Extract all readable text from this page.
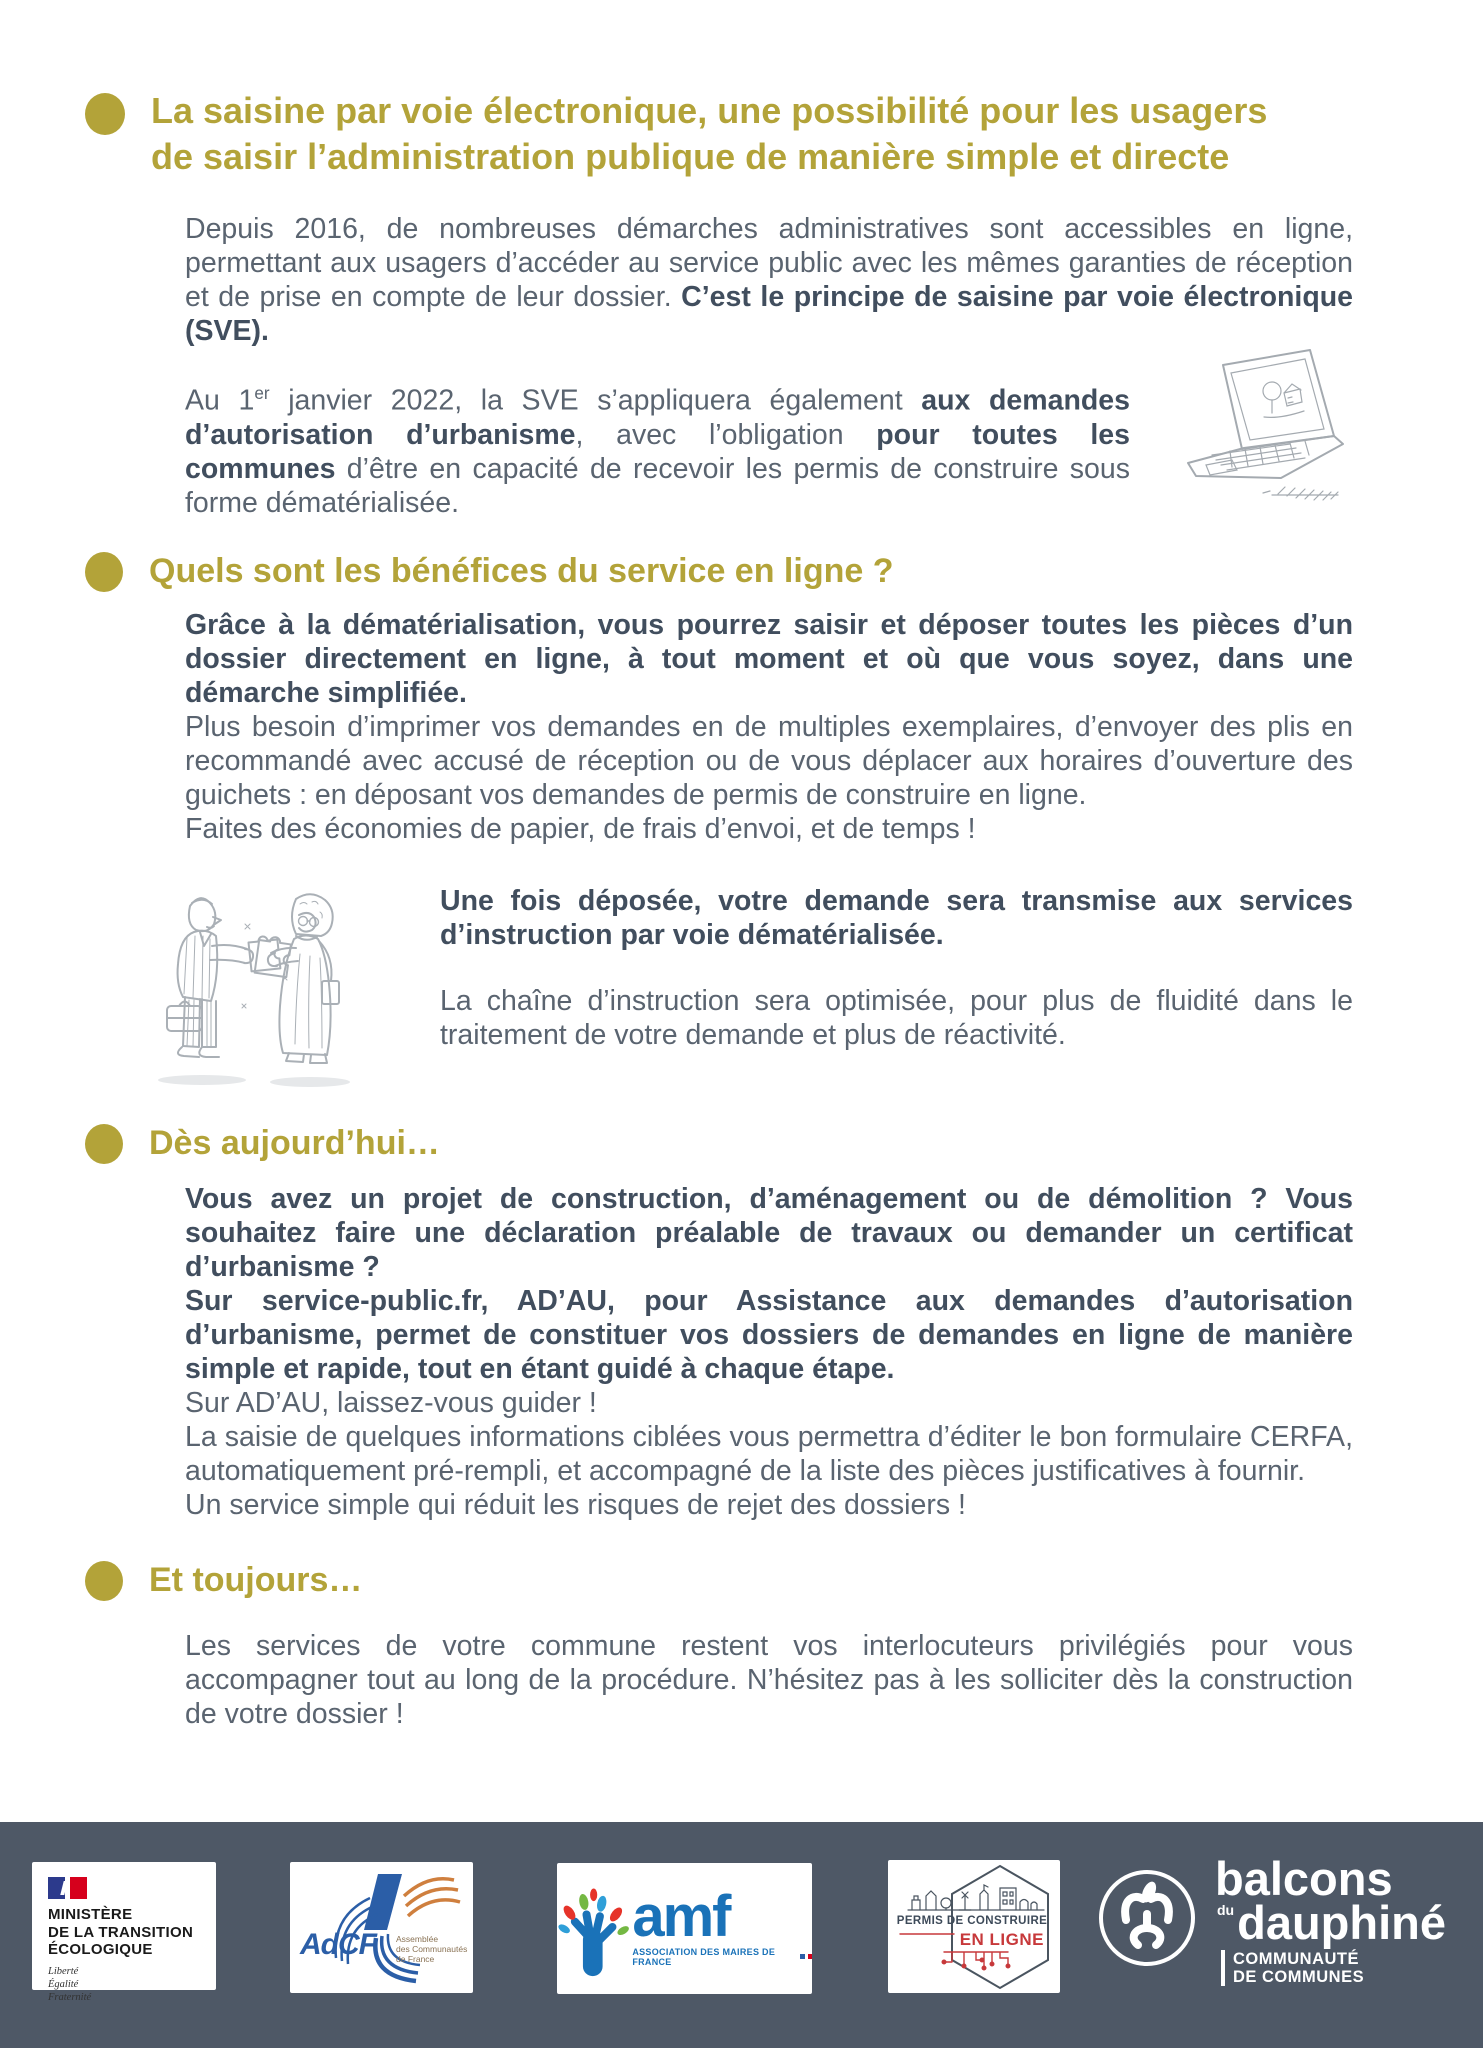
La saisine par voie électronique, une possibilité pour les usagers
de saisir l’administration publique de manière simple et directe

Depuis 2016, de nombreuses démarches administratives sont accessibles en ligne, permettant aux usagers d’accéder au service public avec les mêmes garanties de réception et de prise en compte de leur dossier. C’est le principe de saisine par voie électronique (SVE).

Au 1er janvier 2022, la SVE s’appliquera également aux demandes d’autorisation d’urbanisme, avec l’obligation pour toutes les communes d’être en capacité de recevoir les permis de construire sous forme dématérialisée.

Quels sont les bénéfices du service en ligne ?

Grâce à la dématérialisation, vous pourrez saisir et déposer toutes les pièces d’un dossier directement en ligne, à tout moment et où que vous soyez, dans une démarche simplifiée.

Plus besoin d’imprimer vos demandes en de multiples exemplaires, d’envoyer des plis en recommandé avec accusé de réception ou de vous déplacer aux horaires d’ouverture des guichets : en déposant vos demandes de permis de construire en ligne.

Faites des économies de papier, de frais d’envoi, et de temps !

Une fois déposée, votre demande sera transmise aux services d’instruction par voie dématérialisée.

La chaîne d’instruction sera optimisée, pour plus de fluidité dans le traitement de votre demande et plus de réactivité.

Dès aujourd’hui…

Vous avez un projet de construction, d’aménagement ou de démolition ? Vous souhaitez faire une déclaration préalable de travaux ou demander un certificat d’urbanisme ?

Sur service-public.fr, AD’AU, pour Assistance aux demandes d’autorisation d’urbanisme, permet de constituer vos dossiers de demandes en ligne de manière simple et rapide, tout en étant guidé à chaque étape.

Sur AD’AU, laissez-vous guider !

La saisie de quelques informations ciblées vous permettra d’éditer le bon formulaire CERFA, automatiquement pré-rempli, et accompagné de la liste des pièces justificatives à fournir.

Un service simple qui réduit les risques de rejet des dossiers !

Et toujours…

Les services de votre commune restent vos interlocuteurs privilégiés pour vous accompagner tout au long de la procédure. N’hésitez pas à les solliciter dès la construction de votre dossier !

MINISTÈRE
DE LA TRANSITION
ÉCOLOGIQUE
Liberté
Égalité
Fraternité
AdCF Assemblée
des Communautés
de France
amf
ASSOCIATION DES MAIRES DE FRANCE
PERMIS DE CONSTRUIRE
EN LIGNE
balcons
du dauphiné
COMMUNAUTÉ
DE COMMUNES
